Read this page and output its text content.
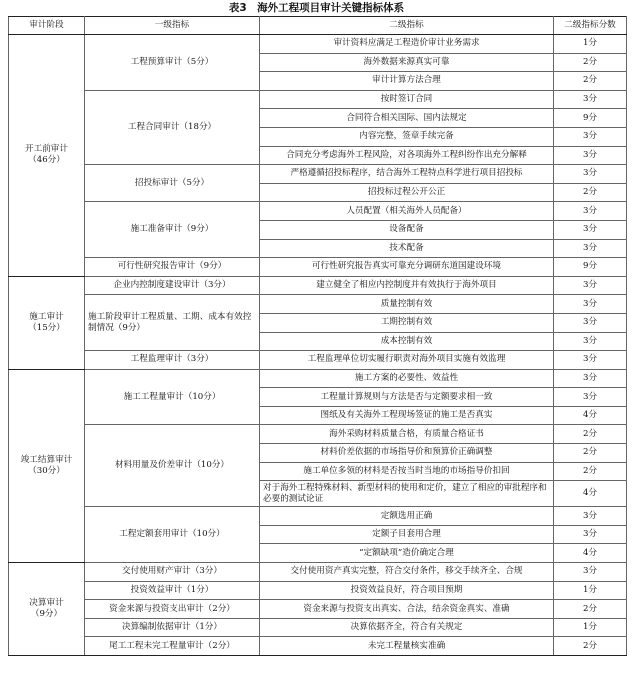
表3　海外工程项目审计关键指标体系
审计阶段	一级指标	二级指标	二级指标分数

开工前审计
（46分）	工程预算审计（5分）	审计资料应满足工程造价审计业务需求	1分
		海外数据来源真实可靠	2分
		审计计算方法合理	2分
	工程合同审计（18分）	按时签订合同	3分
		合同符合相关国际、国内法规定	9分
		内容完整，签章手续完备	3分
		合同充分考虑海外工程风险，对各项海外工程纠纷作出充分解释	3分
	招投标审计（5分）	严格遵循招投标程序，结合海外工程特点科学进行项目招投标	3分
		招投标过程公开公正	2分
	施工准备审计（9分）	人员配置（相关海外人员配备）	3分
		设备配备	3分
		技术配备	3分
	可行性研究报告审计（9分）	可行性研究报告真实可靠充分调研东道国建设环境	9分

施工审计
（15分）	企业内控制度建设审计（3分）	建立健全了相应内控制度并有效执行于海外项目	3分
	施工阶段审计工程质量、工期、成本有效控制情况（9分）	质量控制有效	3分
		工期控制有效	3分
		成本控制有效	3分
	工程监理审计（3分）	工程监理单位切实履行职责对海外项目实施有效监理	3分

竣工结算审计
（30分）	施工工程量审计（10分）	施工方案的必要性、效益性	3分
		工程量计算规则与方法是否与定额要求相一致	3分
		图纸及有关海外工程现场签证的施工是否真实	4分
	材料用量及价差审计（10分）	海外采购材料质量合格，有质量合格证书	2分
		材料价差依据的市场指导价和预算价正确调整	2分
		施工单位多领的材料是否按当时当地的市场指导价扣回	2分
		对于海外工程特殊材料、新型材料的使用和定价，建立了相应的审批程序和必要的测试论证	4分
	工程定额套用审计（10分）	定额选用正确	3分
		定额子目套用合理	3分
		“定额缺项”造价确定合理	4分

决算审计
（9分）	交付使用财产审计（3分）	交付使用资产真实完整，符合交付条件，移交手续齐全、合规	3分
	投资效益审计（1分）	投资效益良好，符合项目预期	1分
	资金来源与投资支出审计（2分）	资金来源与投资支出真实、合法，结余资金真实、准确	2分
	决算编制依据审计（1分）	决算依据齐全，符合有关规定	1分
	尾工工程未完工程量审计（2分）	未完工程量核实准确	2分
